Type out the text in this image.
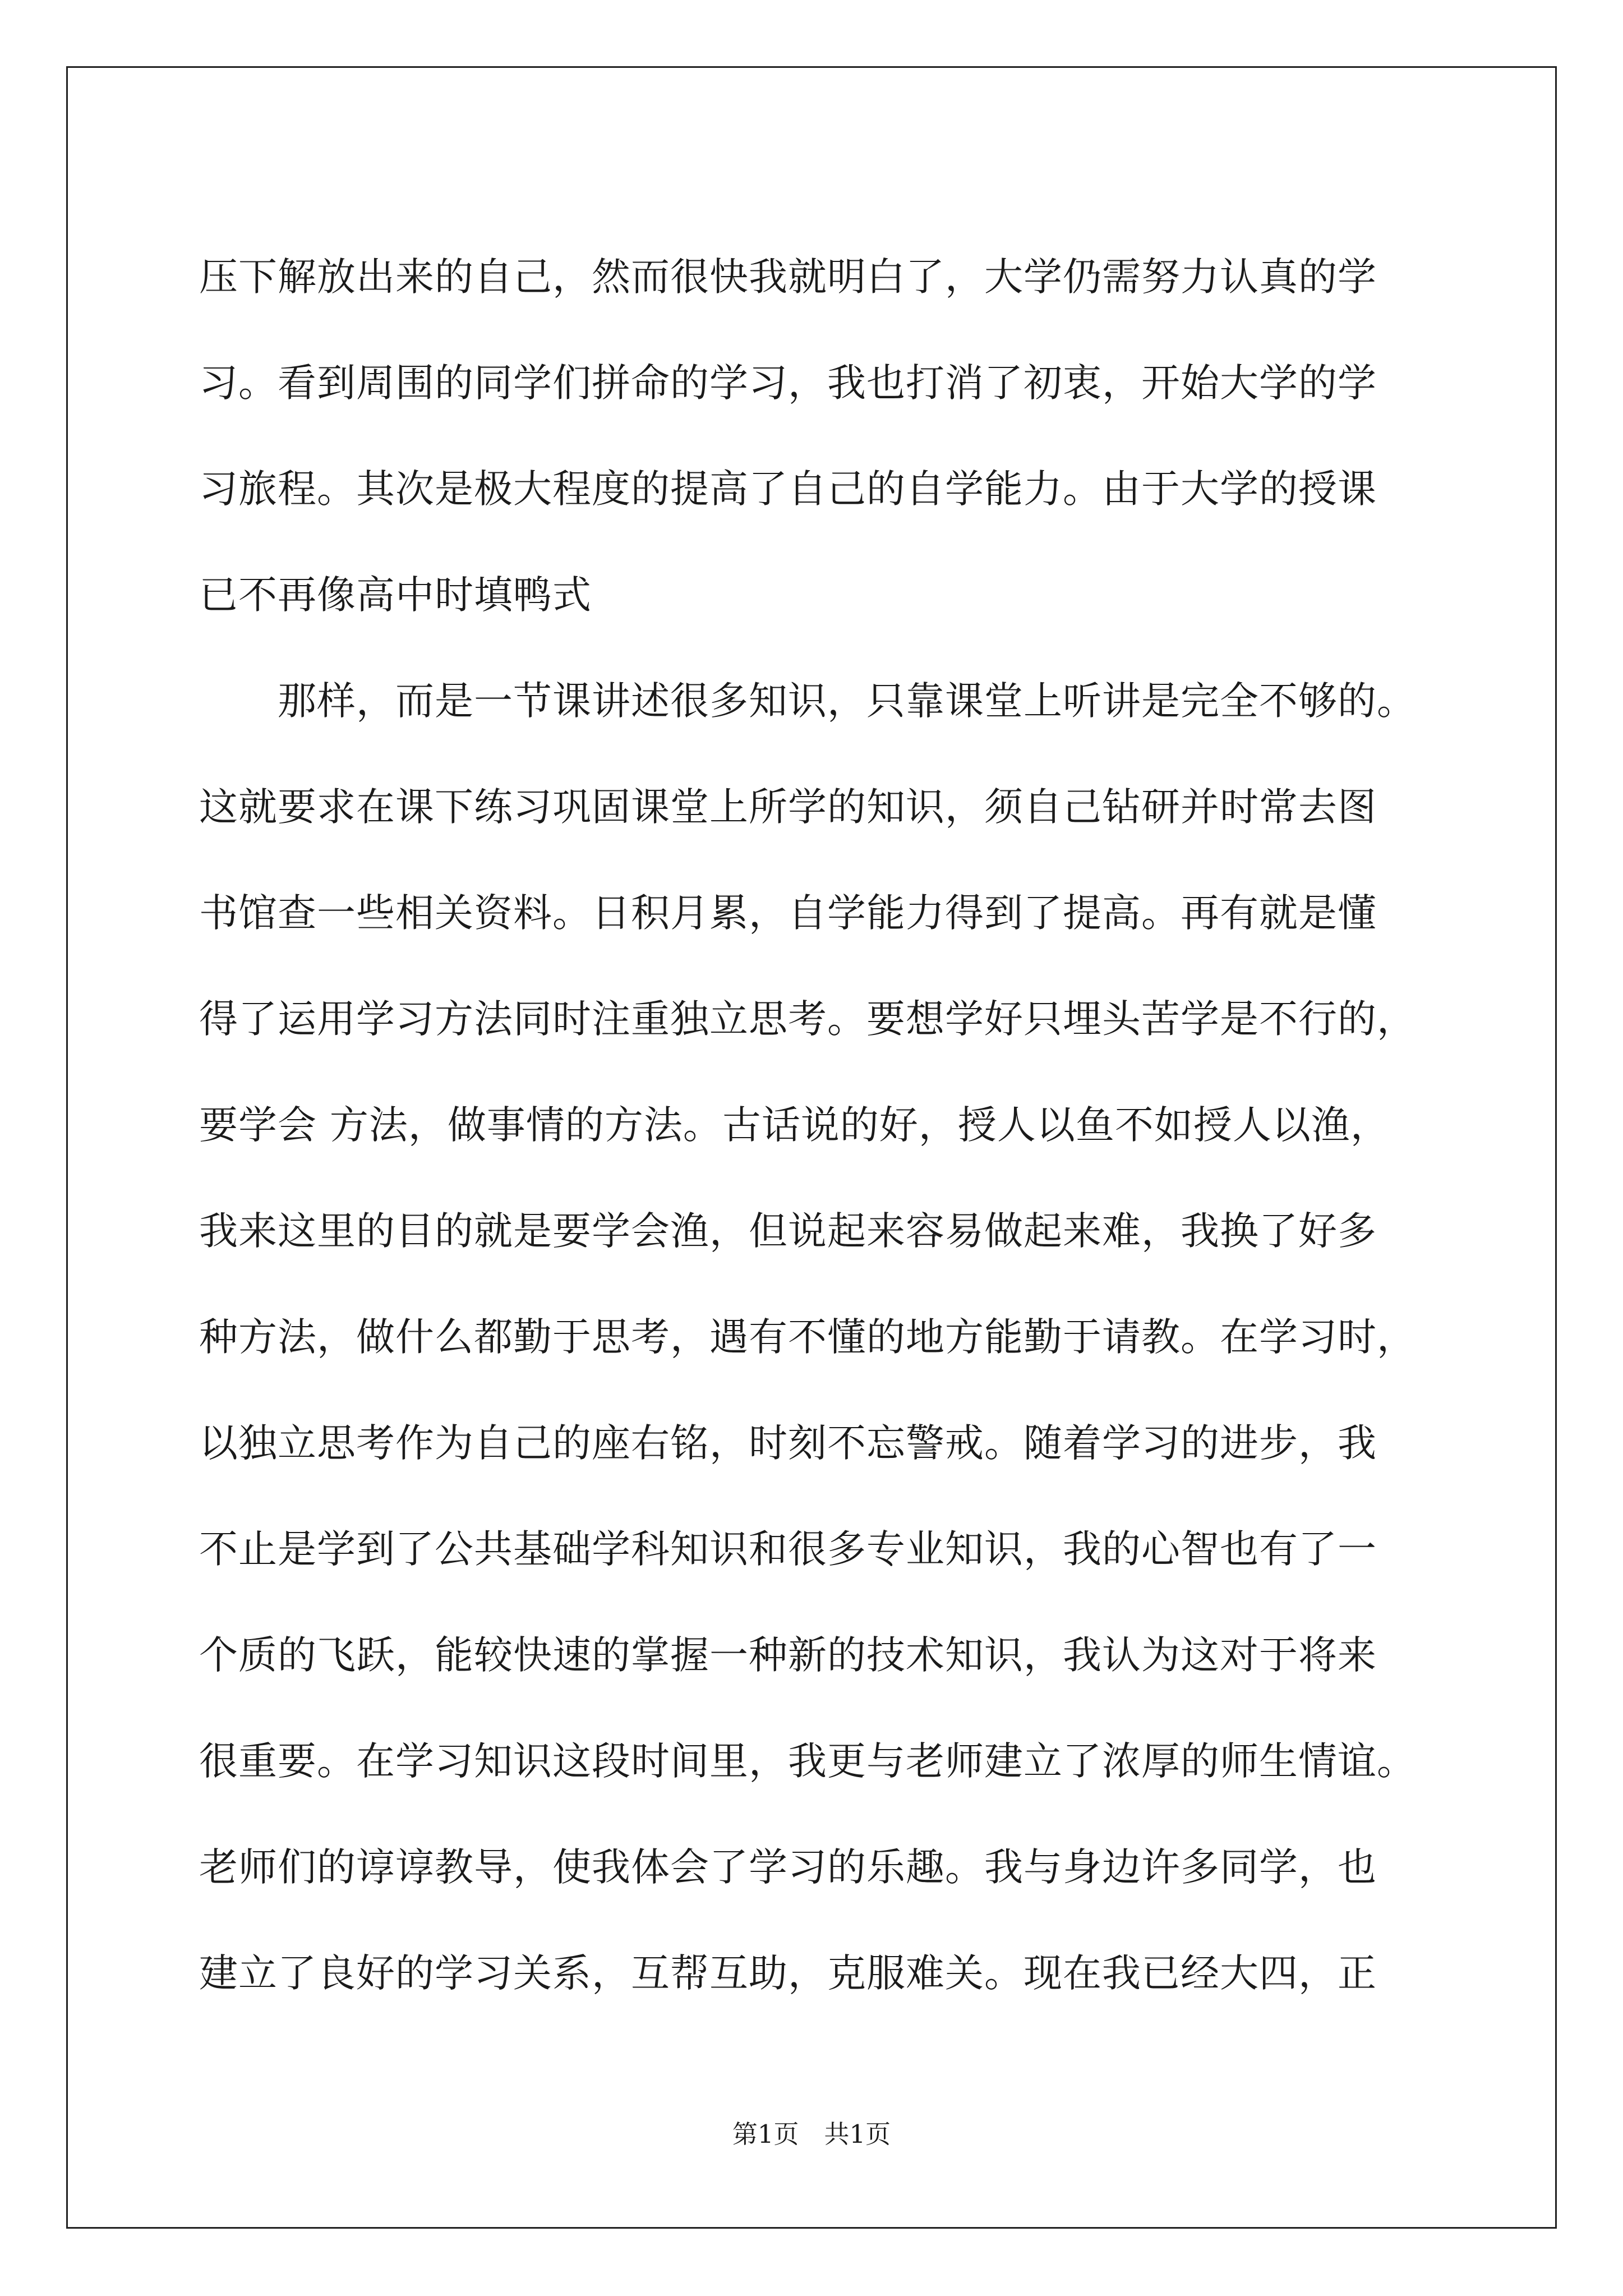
压下解放出来的自己，然而很快我就明白了，大学仍需努力认真的学
习。看到周围的同学们拼命的学习，我也打消了初衷，开始大学的学
习旅程。其次是极大程度的提高了自己的自学能力。由于大学的授课
已不再像高中时填鸭式
　　那样，而是一节课讲述很多知识，只靠课堂上听讲是完全不够的。
这就要求在课下练习巩固课堂上所学的知识，须自己钻研并时常去图
书馆查一些相关资料。日积月累，自学能力得到了提高。再有就是懂
得了运用学习方法同时注重独立思考。要想学好只埋头苦学是不行的，
要学会 方法，做事情的方法。古话说的好，授人以鱼不如授人以渔，
我来这里的目的就是要学会渔，但说起来容易做起来难，我换了好多
种方法，做什么都勤于思考，遇有不懂的地方能勤于请教。在学习时，
以独立思考作为自己的座右铭，时刻不忘警戒。随着学习的进步，我
不止是学到了公共基础学科知识和很多专业知识，我的心智也有了一
个质的飞跃，能较快速的掌握一种新的技术知识，我认为这对于将来
很重要。在学习知识这段时间里，我更与老师建立了浓厚的师生情谊。
老师们的谆谆教导，使我体会了学习的乐趣。我与身边许多同学，也
建立了良好的学习关系，互帮互助，克服难关。现在我已经大四，正
第1页　共1页
